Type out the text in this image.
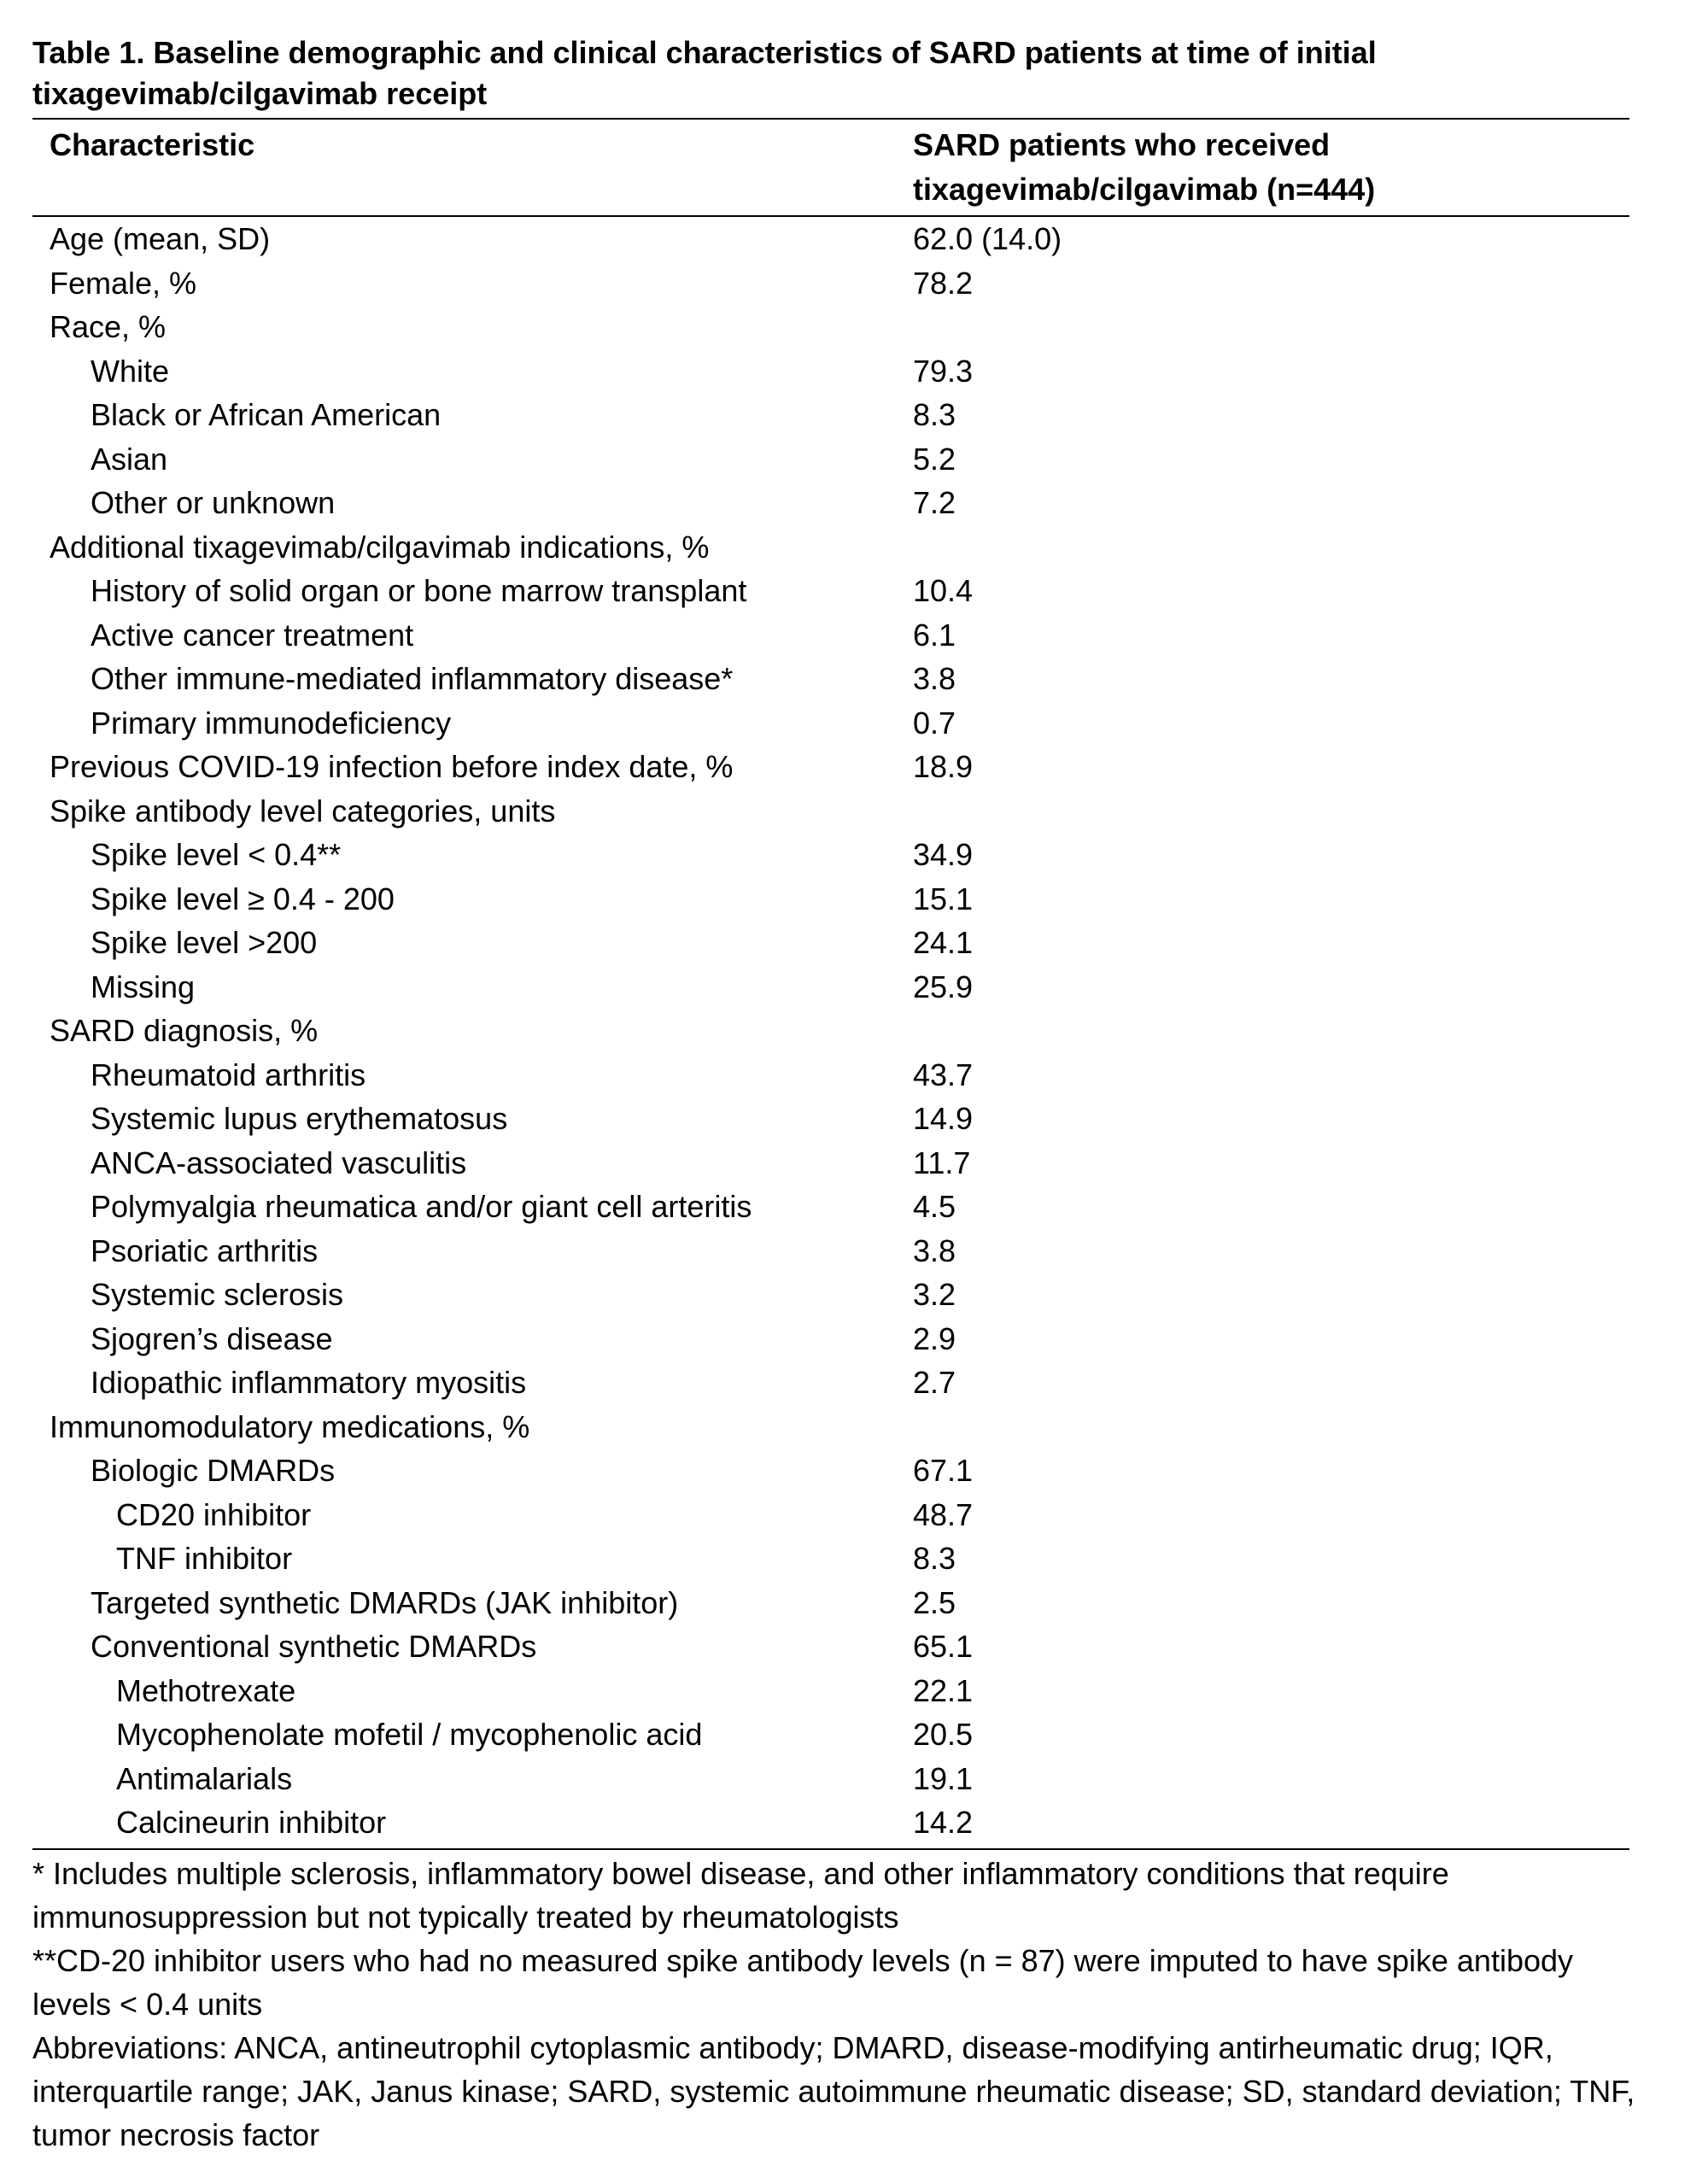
Table 1. Baseline demographic and clinical characteristics of SARD patients at time of initial tixagevimab/cilgavimab receipt

Characteristic	SARD patients who received tixagevimab/cilgavimab (n=444)
Age (mean, SD)	62.0 (14.0)
Female, %	78.2
Race, %
White	79.3
Black or African American	8.3
Asian	5.2
Other or unknown	7.2
Additional tixagevimab/cilgavimab indications, %
History of solid organ or bone marrow transplant	10.4
Active cancer treatment	6.1
Other immune-mediated inflammatory disease*	3.8
Primary immunodeficiency	0.7
Previous COVID-19 infection before index date, %	18.9
Spike antibody level categories, units
Spike level < 0.4**	34.9
Spike level ≥ 0.4 - 200	15.1
Spike level >200	24.1
Missing	25.9
SARD diagnosis, %
Rheumatoid arthritis	43.7
Systemic lupus erythematosus	14.9
ANCA-associated vasculitis	11.7
Polymyalgia rheumatica and/or giant cell arteritis	4.5
Psoriatic arthritis	3.8
Systemic sclerosis	3.2
Sjogren’s disease	2.9
Idiopathic inflammatory myositis	2.7
Immunomodulatory medications, %
Biologic DMARDs	67.1
CD20 inhibitor	48.7
TNF inhibitor	8.3
Targeted synthetic DMARDs (JAK inhibitor)	2.5
Conventional synthetic DMARDs	65.1
Methotrexate	22.1
Mycophenolate mofetil / mycophenolic acid	20.5
Antimalarials	19.1
Calcineurin inhibitor	14.2

* Includes multiple sclerosis, inflammatory bowel disease, and other inflammatory conditions that require immunosuppression but not typically treated by rheumatologists

**CD-20 inhibitor users who had no measured spike antibody levels (n = 87) were imputed to have spike antibody levels < 0.4 units

Abbreviations: ANCA, antineutrophil cytoplasmic antibody; DMARD, disease-modifying antirheumatic drug; IQR, interquartile range; JAK, Janus kinase; SARD, systemic autoimmune rheumatic disease; SD, standard deviation; TNF, tumor necrosis factor
